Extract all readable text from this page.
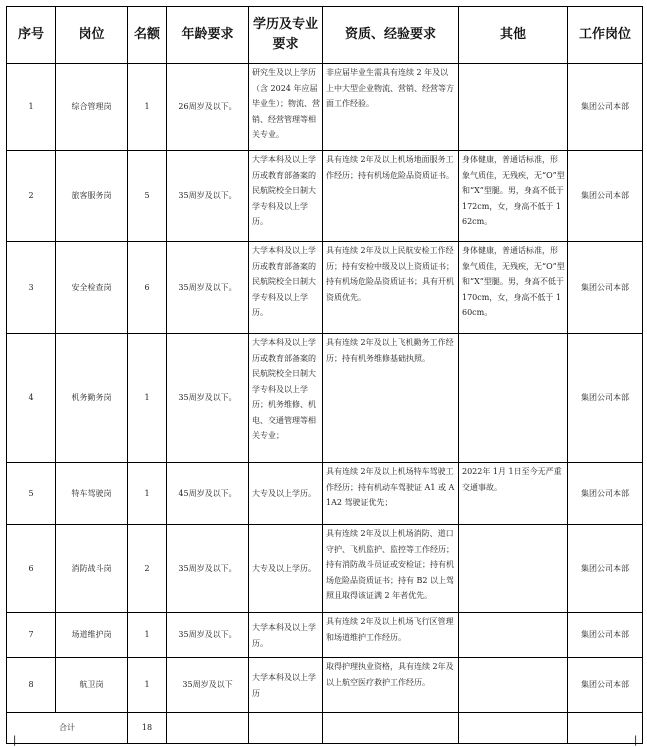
序号	岗位	名额	年龄要求	学历及专业要求	资质、经验要求	其他	工作岗位
1	综合管理岗	1	26周岁及以下。	研究生及以上学历（含 2024 年应届毕业生）；物流、营销、经营管理等相关专业。	非应届毕业生需具有连续 2 年及以上中大型企业物流、营销、经营等方面工作经验。		集团公司本部
2	旅客服务岗	5	35周岁及以下。	大学本科及以上学历或教育部备案的民航院校全日制大学专科及以上学历。	具有连续 2年及以上机场地面服务工作经历；持有机场危险品资质证书。	身体健康，普通话标准，形象气质佳，无残疾，无“O”型和“X”型腿。男，身高不低于 172cm，女，身高不低于 162cm。	集团公司本部
3	安全检查岗	6	35周岁及以下。	大学本科及以上学历或教育部备案的民航院校全日制大学专科及以上学历。	具有连续 2年及以上民航安检工作经历；持有安检中级及以上资质证书；持有机场危险品资质证书；具有开机资质优先。	身体健康，普通话标准，形象气质佳，无残疾，无“O”型和“X”型腿。男，身高不低于 170cm，女，身高不低于 160cm。	集团公司本部
4	机务勤务岗	1	35周岁及以下。	大学本科及以上学历或教育部备案的民航院校全日制大学专科及以上学历；机务维修、机电、交通管理等相关专业；	具有连续 2年及以上飞机勤务工作经历；持有机务维修基础执照。		集团公司本部
5	特车驾驶岗	1	45周岁及以下。	大专及以上学历。	具有连续 2年及以上机场特车驾驶工作经历；持有机动车驾驶证 A1 或 A1A2 驾驶证优先；	2022年 1月 1日至今无严重交通事故。	集团公司本部
6	消防战斗岗	2	35周岁及以下。	大专及以上学历。	具有连续 2年及以上机场消防、道口守护、飞机监护、监控等工作经历；持有消防战斗员证或安检证；持有机场危险品资质证书；持有 B2 以上驾照且取得该证满 2 年者优先。		集团公司本部
7	场道维护岗	1	35周岁及以下。	大学本科及以上学历。	具有连续 2年及以上机场飞行区管理和场道维护工作经历。		集团公司本部
8	航卫岗	1	35周岁及以下	大学本科及以上学历	取得护理执业资格，具有连续 2年及以上航空医疗救护工作经历。		集团公司本部
合计		18					
|	|
